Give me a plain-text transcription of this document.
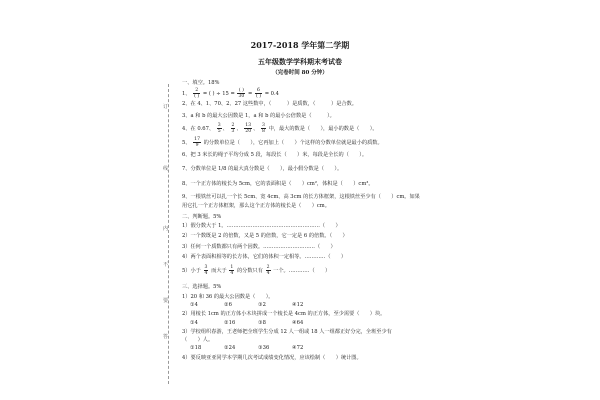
2017-2018 学年第二学期
五年级数学学科期末考试卷
（完卷时间 80 分钟）
订
线
内
不
要
答
一、填空。18%
1、 $\frac{2}{( )}$ = ( ) ÷ $15 = \frac{( )}{30} = \frac{6}{( )} = 0.4$
2、在 4、1、70、2、27 这些数中，（　　　）是质数，（　　　）是合数。
3、a 和 b 的最大公因数是 1，a 和 b 的最小公倍数是（　　　）。
4、在 0.67、 $\frac{3}{5}$ 、 $\frac{2}{3}$ 、 $\frac{13}{20}$ 、 $\frac{3}{8}$ 中，最大的数是（　　），最小的数是（　　）。
5、 $\frac{17}{9}$ 的分数单位是（　　），它再加上（　　）个这样的分数单位就是最小的质数。
6、把 3 米长的绳子平均分成 5 段，每段长（　　）米，每段是全长的（　　）。
7、分数单位是 1/8 的最大真分数是（　　），最小假分数是（　　）。
8、一个正方体的棱长为 5cm，它的表面积是（　　）cm²，体积是（　　）cm³。
9、一根铁丝可以扎一个长 5cm、宽 4cm、高 3cm 的长方体框架，这根铁丝至少有（　　）cm。如果
用它扎一个正方体框架，那么这个正方体的棱长是（　　）cm。
二、判断题。5%
1）假分数大于 1。………………………………………………（　　）
2）一个数既是 2 的倍数，又是 5 的倍数，它一定是 6 的倍数。（　　）
3）任何一个质数都只有两个因数。…………………………（　　）
4）两个表面积相等的长方体，它们的体积一定相等。…………（　　）
5）小于 $\frac{3}{4}$ 而大于 $\frac{1}{4}$ 的分数只有 $\frac{2}{4}$ 一个。…………（　　）
三、选择题。5%
1）20 和 36 的最大公因数是（　　）。
①4	②6	③2	④12
2）用棱长 1cm 的正方体小木块拼成一个棱长是 4cm 的正方体，至少需要（　　）块。
①4	②16	③8	④64
3）学校组织春游，王老师把全班学生分成 12 人一组或 18 人一组都正好分完，全班至少有
（　　）人。
①18	②24	③36	④72
4）要反映亚亚同学本学期几次考试成绩变化情况，应该绘制（　　）统计图。
